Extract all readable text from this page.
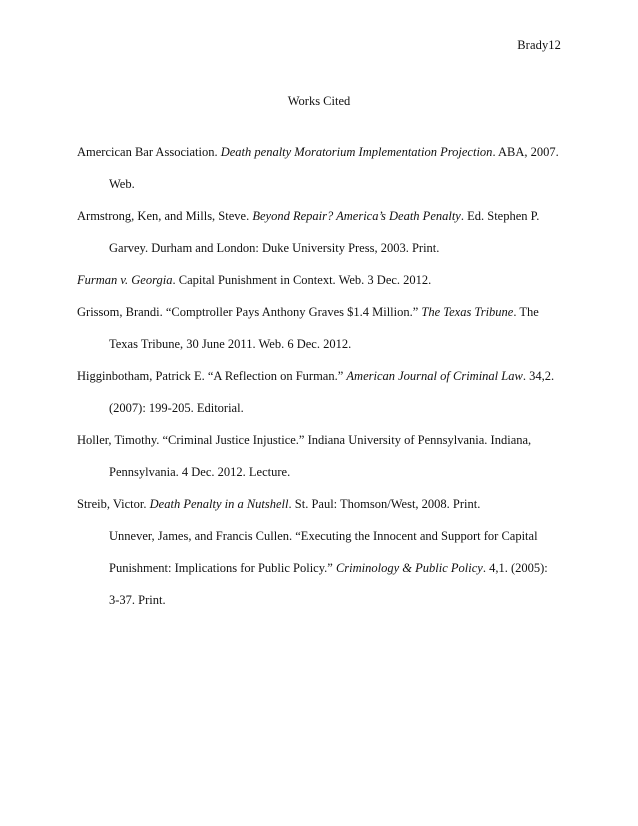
Brady12
Works Cited

Amercican Bar Association. Death penalty Moratorium Implementation Projection. ABA, 2007.
Web.

Armstrong, Ken, and Mills, Steve. Beyond Repair? America’s Death Penalty. Ed. Stephen P.
Garvey. Durham and London: Duke University Press, 2003. Print.

Furman v. Georgia. Capital Punishment in Context. Web. 3 Dec. 2012.

Grissom, Brandi. “Comptroller Pays Anthony Graves $1.4 Million.” The Texas Tribune. The
Texas Tribune, 30 June 2011. Web. 6 Dec. 2012.

Higginbotham, Patrick E. “A Reflection on Furman.” American Journal of Criminal Law. 34,2.
(2007): 199-205. Editorial.

Holler, Timothy. “Criminal Justice Injustice.” Indiana University of Pennsylvania. Indiana,
Pennsylvania. 4 Dec. 2012. Lecture.

Streib, Victor. Death Penalty in a Nutshell. St. Paul: Thomson/West, 2008. Print.

Unnever, James, and Francis Cullen. “Executing the Innocent and Support for Capital
Punishment: Implications for Public Policy.” Criminology & Public Policy. 4,1. (2005):
3-37. Print.
